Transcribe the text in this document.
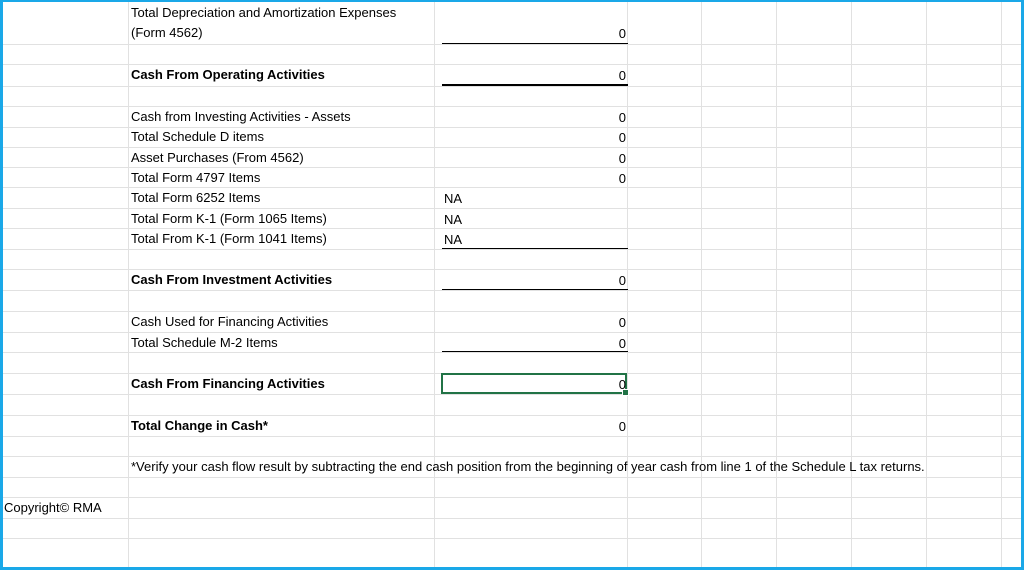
Total Depreciation and Amortization Expenses
(Form 4562)	0
Cash From Operating Activities	0
Cash from Investing Activities - Assets	0
Total Schedule D items	0
Asset Purchases (From 4562)	0
Total Form 4797 Items	0
Total Form 6252 Items	NA
Total Form K-1 (Form 1065 Items)	NA
Total From K-1 (Form 1041 Items)	NA
Cash From Investment Activities	0
Cash Used for Financing Activities	0
Total Schedule M-2 Items	0
Cash From Financing Activities	0
Total Change in Cash*	0
*Verify your cash flow result by subtracting the end cash position from the beginning of year cash from line 1 of the Schedule L tax returns.
Copyright© RMA
